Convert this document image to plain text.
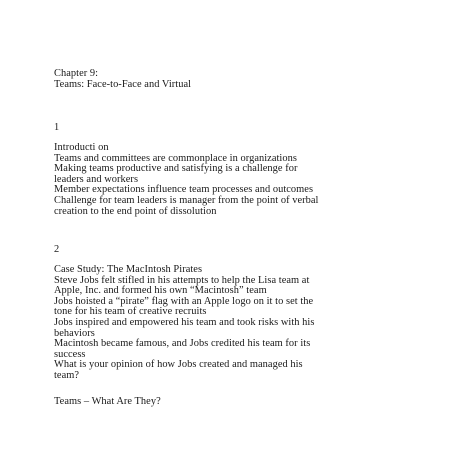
Chapter 9:
Teams: Face-to-Face and Virtual
1
Introducti on
Teams and committees are commonplace in organizations
Making teams productive and satisfying is a challenge for
leaders and workers
Member expectations influence team processes and outcomes
Challenge for team leaders is manager from the point of verbal
creation to the end point of dissolution
2
Case Study: The MacIntosh Pirates
Steve Jobs felt stifled in his attempts to help the Lisa team at
Apple, Inc. and formed his own “Macintosh” team
Jobs hoisted a “pirate” flag with an Apple logo on it to set the
tone for his team of creative recruits
Jobs inspired and empowered his team and took risks with his
behaviors
Macintosh became famous, and Jobs credited his team for its
success
What is your opinion of how Jobs created and managed his
team?
Teams – What Are They?
